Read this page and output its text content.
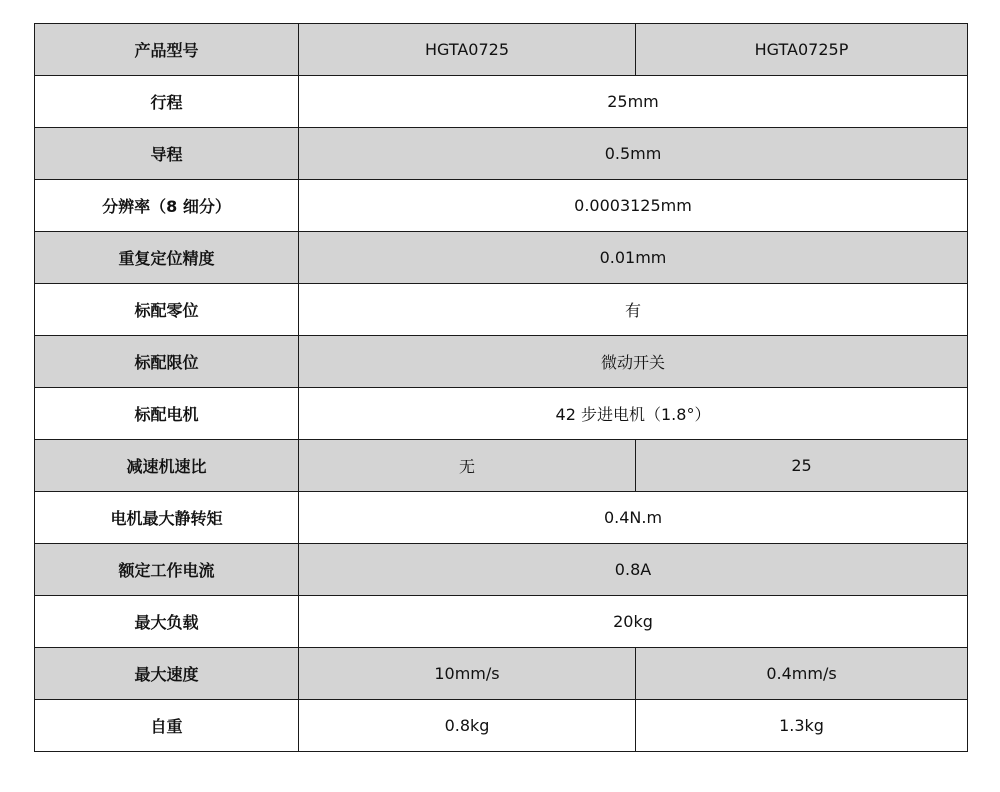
产品型号	HGTA0725	HGTA0725P
行程	25mm	
导程	0.5mm	
分辨率（8 细分）	0.0003125mm	
重复定位精度	0.01mm	
标配零位	有	
标配限位	微动开关	
标配电机	42 步进电机（1.8°）	
减速机速比	无	25
电机最大静转矩	0.4N.m	
额定工作电流	0.8A	
最大负载	20kg	
最大速度	10mm/s	0.4mm/s
自重	0.8kg	1.3kg
